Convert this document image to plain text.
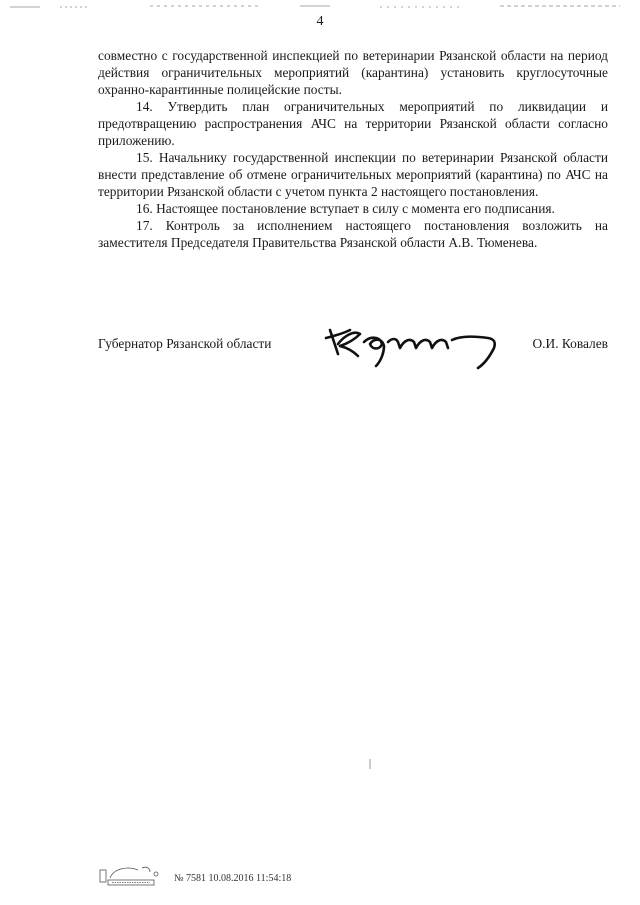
4

совместно с государственной инспекцией по ветеринарии Рязанской области на период действия ограничительных мероприятий (карантина) установить круглосуточные охранно-карантинные полицейские посты.

14. Утвердить план ограничительных мероприятий по ликвидации и предотвращению распространения АЧС на территории Рязанской области согласно приложению.

15. Начальнику государственной инспекции по ветеринарии Рязанской области внести представление об отмене ограничительных мероприятий (карантина) по АЧС на территории Рязанской области с учетом пункта 2 настоящего постановления.

16. Настоящее постановление вступает в силу с момента его подписания.

17. Контроль за исполнением настоящего постановления возложить на заместителя Председателя Правительства Рязанской области А.В. Тюменева.

Губернатор Рязанской области	О.И. Ковалев
№ 7581 10.08.2016 11:54:18
